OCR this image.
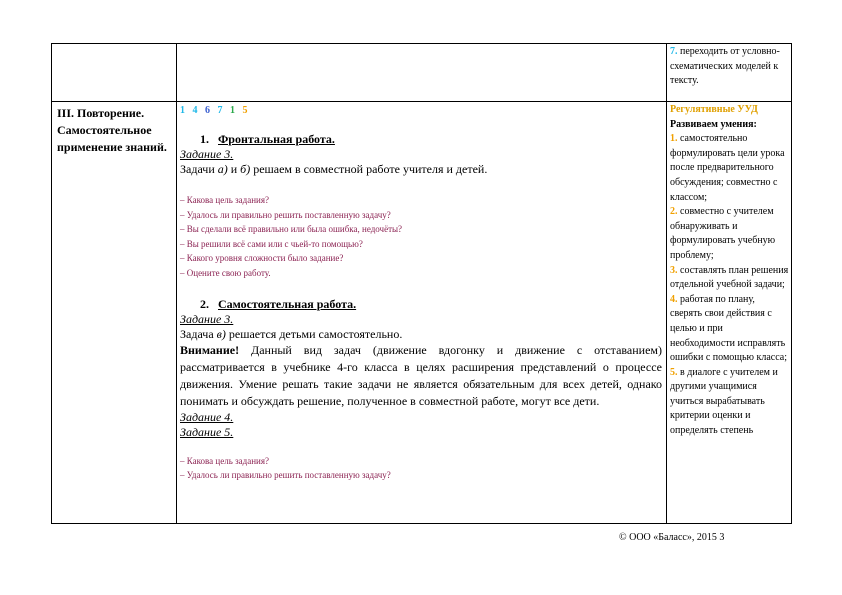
7. переходить от условно-схематических моделей к тексту.
III. Повторение. Самостоятельное применение знаний.
1 4 6 7 1 5
1. Фронтальная работа.
Задание 3.
Задачи а) и б) решаем в совместной работе учителя и детей.
– Какова цель задания?
– Удалось ли правильно решить поставленную задачу?
– Вы сделали всё правильно или была ошибка, недочёты?
– Вы решили всё сами или с чьей-то помощью?
– Какого уровня сложности было задание?
– Оцените свою работу.
2. Самостоятельная работа.
Задание 3.
Задача в) решается детьми самостоятельно.
Внимание! Данный вид задач (движение вдогонку и движение с отставанием) рассматривается в учебнике 4-го класса в целях расширения представлений о процессе движения. Умение решать такие задачи не является обязательным для всех детей, однако понимать и обсуждать решение, полученное в совместной работе, могут все дети.
Задание 4.
Задание 5.
– Какова цель задания?
– Удалось ли правильно решить поставленную задачу?
Регулятивные УУД
Развиваем умения:
1. самостоятельно формулировать цели урока после предварительного обсуждения; совместно с классом;
2. совместно с учителем обнаруживать и формулировать учебную проблему;
3. составлять план решения отдельной учебной задачи;
4. работая по плану, сверять свои действия с целью и при необходимости исправлять ошибки с помощью класса;
5. в диалоге с учителем и другими учащимися учиться вырабатывать критерии оценки и определять степень
© ООО «Баласс», 2015 3
